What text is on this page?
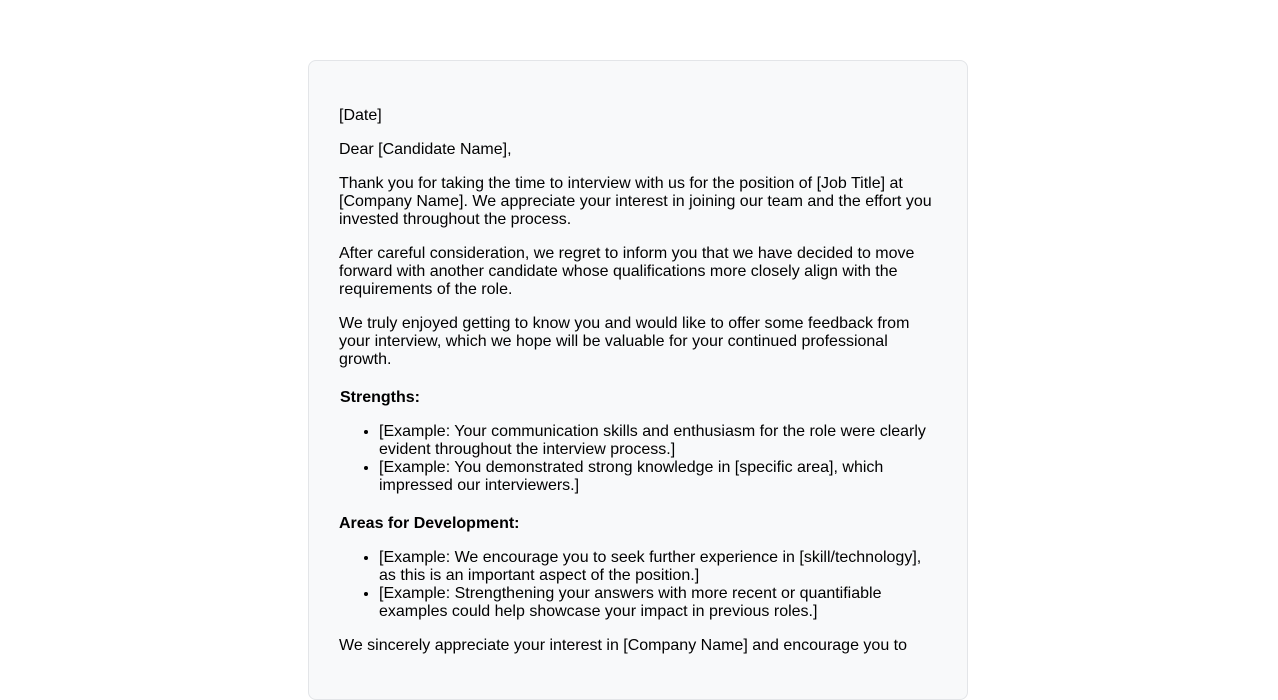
[Date]

Dear [Candidate Name],

Thank you for taking the time to interview with us for the position of [Job Title] at [Company Name]. We appreciate your interest in joining our team and the effort you invested throughout the process.

After careful consideration, we regret to inform you that we have decided to move forward with another candidate whose qualifications more closely align with the requirements of the role.

We truly enjoyed getting to know you and would like to offer some feedback from your interview, which we hope will be valuable for your continued professional growth.

Strengths:
• [Example: Your communication skills and enthusiasm for the role were clearly evident throughout the interview process.]
• [Example: You demonstrated strong knowledge in [specific area], which impressed our interviewers.]
Areas for Development:
• [Example: We encourage you to seek further experience in [skill/technology], as this is an important aspect of the position.]
• [Example: Strengthening your answers with more recent or quantifiable examples could help showcase your impact in previous roles.]

We sincerely appreciate your interest in [Company Name] and encourage you to
